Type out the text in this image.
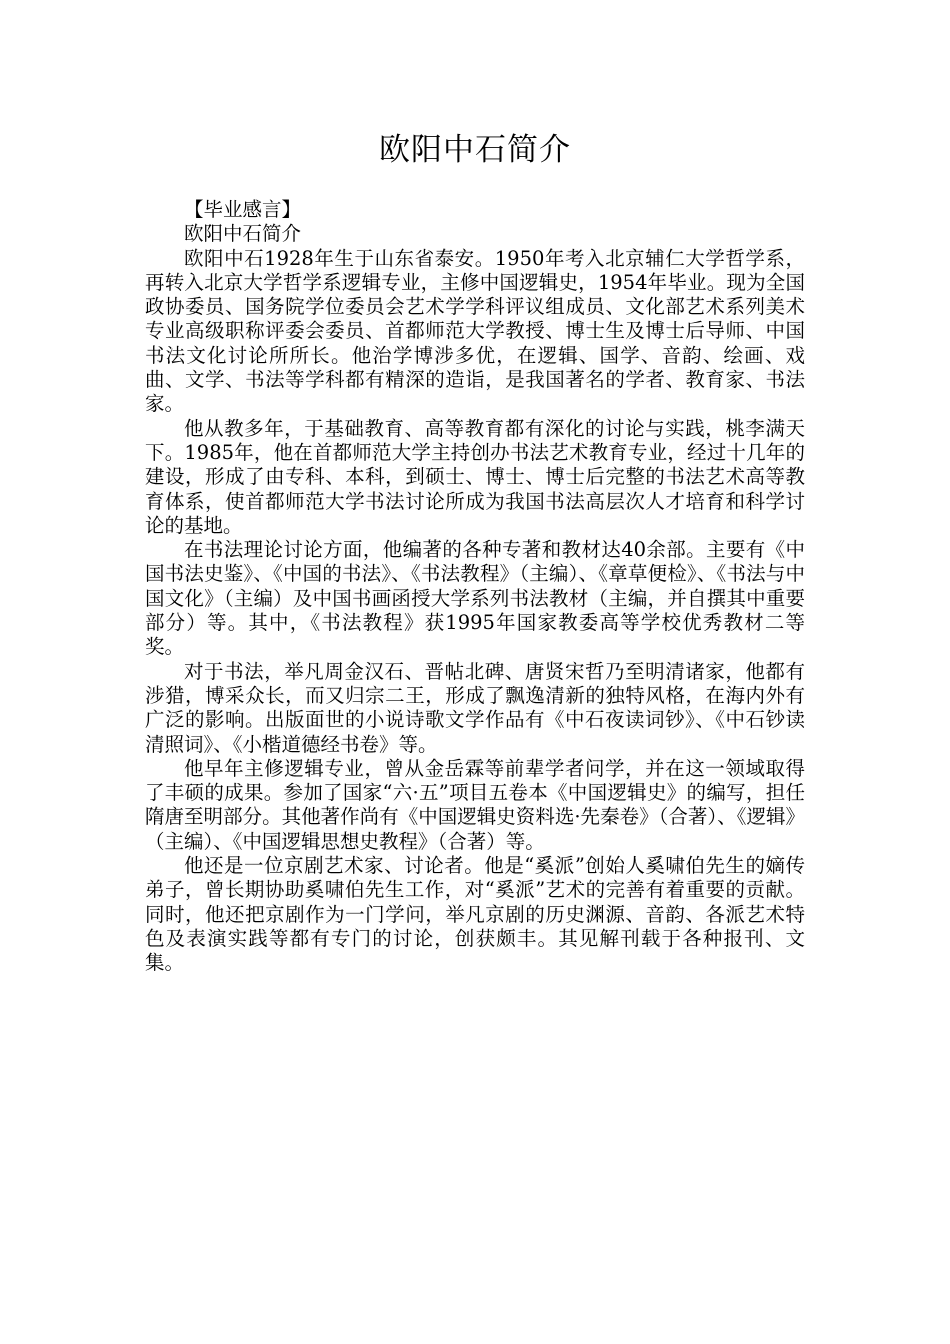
欧阳中石简介

【毕业感言】

欧阳中石简介

欧阳中石1928年生于山东省泰安。1950年考入北京辅仁大学哲学系，再转入北京大学哲学系逻辑专业，主修中国逻辑史，1954年毕业。现为全国政协委员、国务院学位委员会艺术学学科评议组成员、文化部艺术系列美术专业高级职称评委会委员、首都师范大学教授、博士生及博士后导师、中国书法文化讨论所所长。他治学博涉多优，在逻辑、国学、音韵、绘画、戏曲、文学、书法等学科都有精深的造诣，是我国著名的学者、教育家、书法家。

他从教多年，于基础教育、高等教育都有深化的讨论与实践，桃李满天下。1985年，他在首都师范大学主持创办书法艺术教育专业，经过十几年的建设，形成了由专科、本科，到硕士、博士、博士后完整的书法艺术高等教育体系，使首都师范大学书法讨论所成为我国书法高层次人才培育和科学讨论的基地。

在书法理论讨论方面，他编著的各种专著和教材达40余部。主要有《中国书法史鉴》、《中国的书法》、《书法教程》（主编）、《章草便检》、《书法与中国文化》（主编）及中国书画函授大学系列书法教材（主编，并自撰其中重要部分）等。其中，《书法教程》获1995年国家教委高等学校优秀教材二等奖。

对于书法，举凡周金汉石、晋帖北碑、唐贤宋哲乃至明清诸家，他都有涉猎，博采众长，而又归宗二王，形成了飘逸清新的独特风格，在海内外有广泛的影响。出版面世的小说诗歌文学作品有《中石夜读词钞》、《中石钞读清照词》、《小楷道德经书卷》等。

他早年主修逻辑专业，曾从金岳霖等前辈学者问学，并在这一领域取得了丰硕的成果。参加了国家“六·五”项目五卷本《中国逻辑史》的编写，担任隋唐至明部分。其他著作尚有《中国逻辑史资料选·先秦卷》（合著）、《逻辑》（主编）、《中国逻辑思想史教程》（合著）等。

他还是一位京剧艺术家、讨论者。他是“奚派”创始人奚啸伯先生的嫡传弟子，曾长期协助奚啸伯先生工作，对“奚派”艺术的完善有着重要的贡献。同时，他还把京剧作为一门学问，举凡京剧的历史渊源、音韵、各派艺术特色及表演实践等都有专门的讨论，创获颇丰。其见解刊载于各种报刊、文集。
